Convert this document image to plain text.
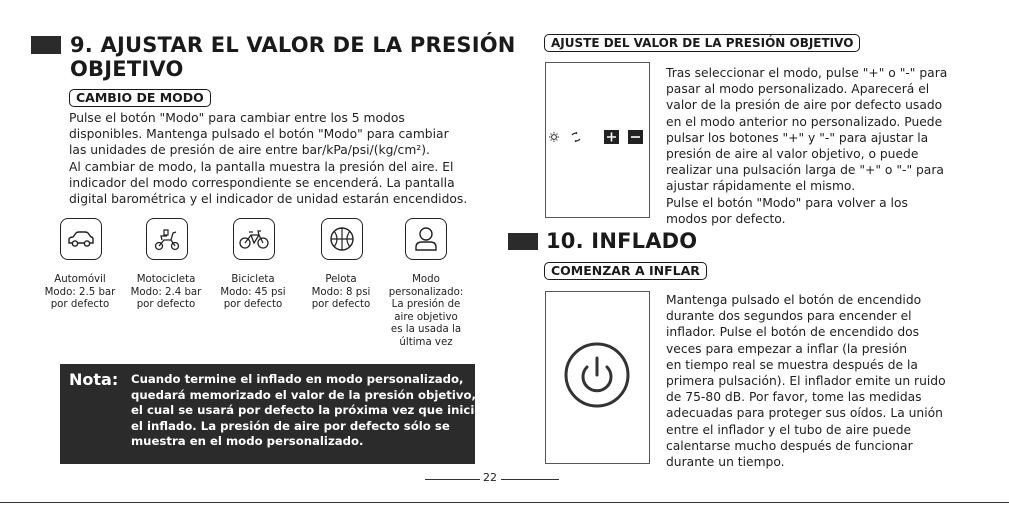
9. AJUSTAR EL VALOR DE LA PRESIÓN
OBJETIVO
CAMBIO DE MODO
Pulse el botón "Modo" para cambiar entre los 5 modos
disponibles. Mantenga pulsado el botón "Modo" para cambiar
las unidades de presión de aire entre bar/kPa/psi/(kg/cm²).
Al cambiar de modo, la pantalla muestra la presión del aire. El
indicador del modo correspondiente se encenderá. La pantalla
digital barométrica y el indicador de unidad estarán encendidos.
Automóvil
Modo: 2.5 bar
por defecto
Motocicleta
Modo: 2.4 bar
por defecto
Bicicleta
Modo: 45 psi
por defecto
Pelota
Modo: 8 psi
por defecto
Modo
personalizado:
La presión de
aire objetivo
es la usada la
última vez
Nota: Cuando termine el inflado en modo personalizado,
quedará memorizado el valor de la presión objetivo,
el cual se usará por defecto la próxima vez que inicie
el inflado. La presión de aire por defecto sólo se
muestra en el modo personalizado.
AJUSTE DEL VALOR DE LA PRESIÓN OBJETIVO
Tras seleccionar el modo, pulse "+" o "-" para
pasar al modo personalizado. Aparecerá el
valor de la presión de aire por defecto usado
en el modo anterior no personalizado. Puede
pulsar los botones "+" y "-" para ajustar la
presión de aire al valor objetivo, o puede
realizar una pulsación larga de "+" o "-" para
ajustar rápidamente el mismo.
Pulse el botón "Modo" para volver a los
modos por defecto.
10. INFLADO
COMENZAR A INFLAR
Mantenga pulsado el botón de encendido
durante dos segundos para encender el
inflador. Pulse el botón de encendido dos
veces para empezar a inflar (la presión
en tiempo real se muestra después de la
primera pulsación). El inflador emite un ruido
de 75-80 dB. Por favor, tome las medidas
adecuadas para proteger sus oídos. La unión
entre el inflador y el tubo de aire puede
calentarse mucho después de funcionar
durante un tiempo.
22
